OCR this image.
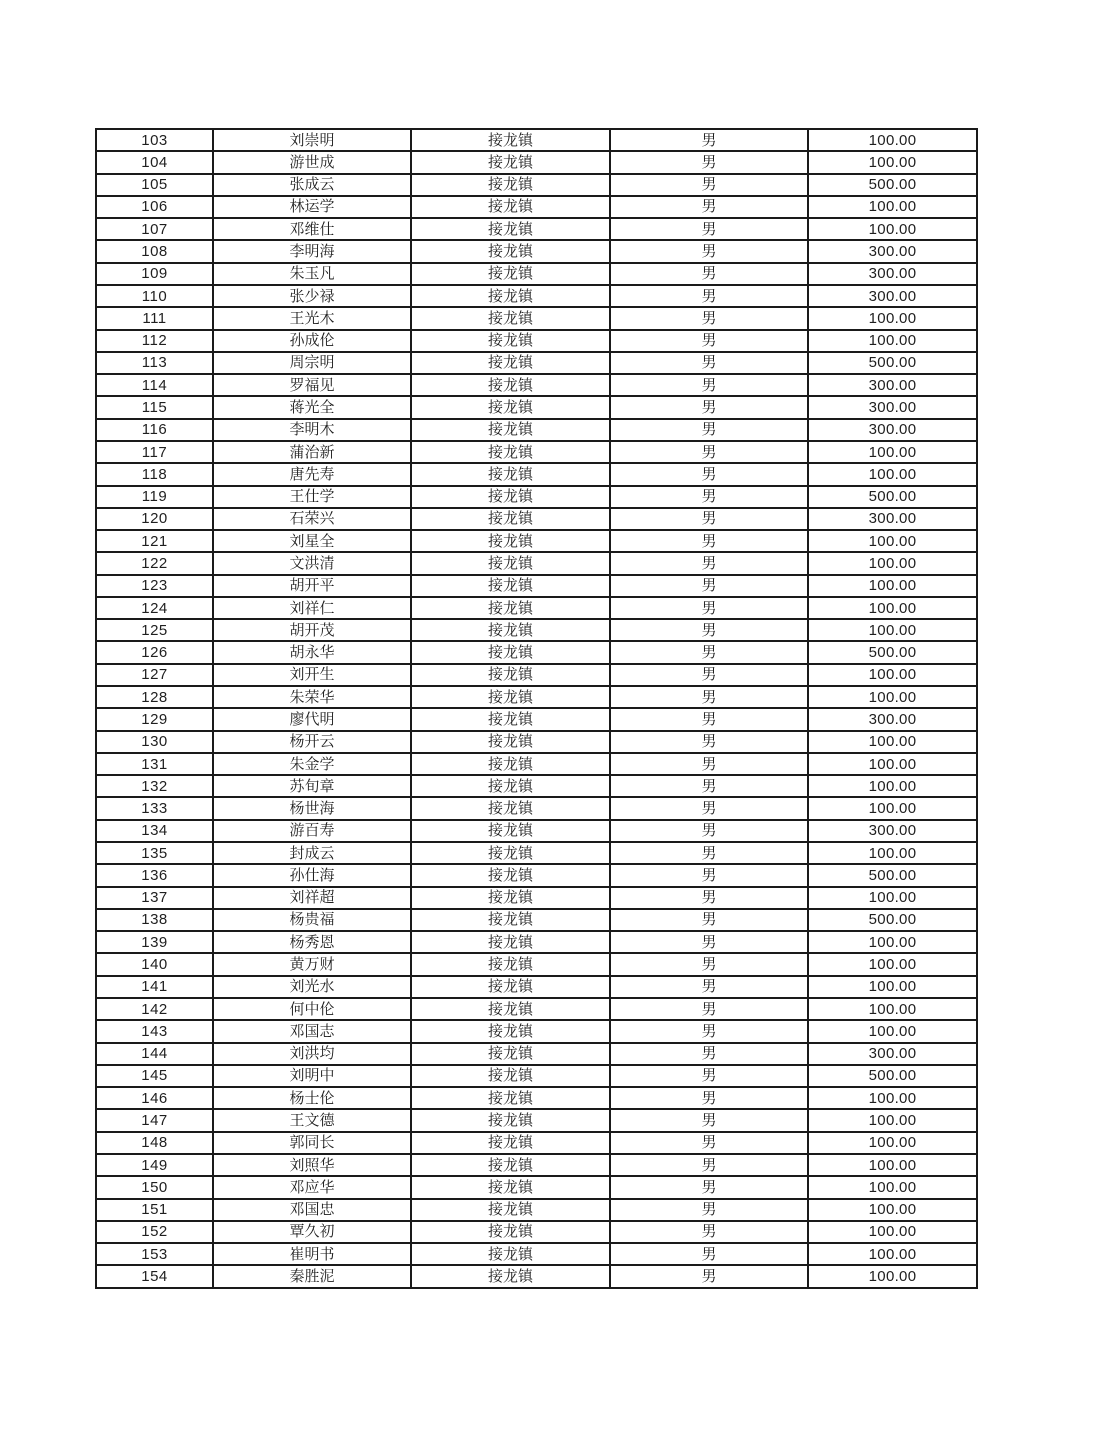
103	刘崇明	接龙镇	男	100.00
104	游世成	接龙镇	男	100.00
105	张成云	接龙镇	男	500.00
106	林运学	接龙镇	男	100.00
107	邓维仕	接龙镇	男	100.00
108	李明海	接龙镇	男	300.00
109	朱玉凡	接龙镇	男	300.00
110	张少禄	接龙镇	男	300.00
111	王光木	接龙镇	男	100.00
112	孙成伦	接龙镇	男	100.00
113	周宗明	接龙镇	男	500.00
114	罗福见	接龙镇	男	300.00
115	蒋光全	接龙镇	男	300.00
116	李明木	接龙镇	男	300.00
117	蒲治新	接龙镇	男	100.00
118	唐先寿	接龙镇	男	100.00
119	王仕学	接龙镇	男	500.00
120	石荣兴	接龙镇	男	300.00
121	刘星全	接龙镇	男	100.00
122	文洪清	接龙镇	男	100.00
123	胡开平	接龙镇	男	100.00
124	刘祥仁	接龙镇	男	100.00
125	胡开茂	接龙镇	男	100.00
126	胡永华	接龙镇	男	500.00
127	刘开生	接龙镇	男	100.00
128	朱荣华	接龙镇	男	100.00
129	廖代明	接龙镇	男	300.00
130	杨开云	接龙镇	男	100.00
131	朱金学	接龙镇	男	100.00
132	苏旬章	接龙镇	男	100.00
133	杨世海	接龙镇	男	100.00
134	游百寿	接龙镇	男	300.00
135	封成云	接龙镇	男	100.00
136	孙仕海	接龙镇	男	500.00
137	刘祥超	接龙镇	男	100.00
138	杨贵福	接龙镇	男	500.00
139	杨秀恩	接龙镇	男	100.00
140	黄万财	接龙镇	男	100.00
141	刘光水	接龙镇	男	100.00
142	何中伦	接龙镇	男	100.00
143	邓国志	接龙镇	男	100.00
144	刘洪均	接龙镇	男	300.00
145	刘明中	接龙镇	男	500.00
146	杨士伦	接龙镇	男	100.00
147	王文德	接龙镇	男	100.00
148	郭同长	接龙镇	男	100.00
149	刘照华	接龙镇	男	100.00
150	邓应华	接龙镇	男	100.00
151	邓国忠	接龙镇	男	100.00
152	覃久初	接龙镇	男	100.00
153	崔明书	接龙镇	男	100.00
154	秦胜泥	接龙镇	男	100.00
